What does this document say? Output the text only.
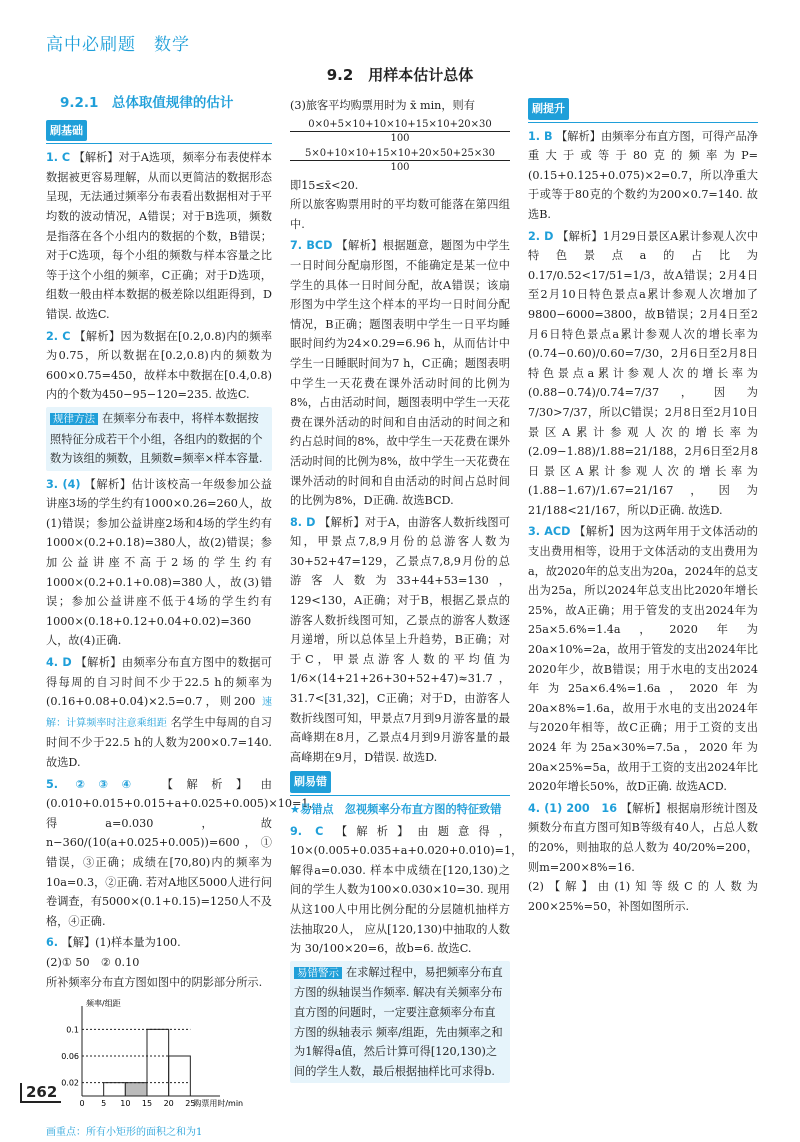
高中必刷题 数学
9.2　用样本估计总体
9.2.1　总体取值规律的估计
刷基础
1. C 【解析】对于A选项，频率分布表使样本数据被更容易理解，从而以更简洁的数据形态呈现，无法通过频率分布表看出数据相对于平均数的波动情况，A错误；对于B选项，频数是指落在各个小组内的数据的个数，B错误；对于C选项，每个小组的频数与样本容量之比等于这个小组的频率，C正确；对于D选项，组数一般由样本数据的极差除以组距得到，D错误. 故选C.
2. C 【解析】因为数据在[0.2,0.8)内的频率为0.75，所以数据在[0.2,0.8)内的频数为600×0.75=450，故样本中数据在[0.4,0.8)内的个数为450−95−120=235. 故选C.
规律方法 在频率分布表中，将样本数据按照特征分成若干个小组，各组内的数据的个数为该组的频数，且频数=频率×样本容量.
3. (4) 【解析】估计该校高一年级参加公益讲座3场的学生约有1000×0.26=260人，故(1)错误；参加公益讲座2场和4场的学生约有1000×(0.2+0.18)=380人，故(2)错误；参加公益讲座不高于2场的学生约有1000×(0.2+0.1+0.08)=380人，故(3)错误；参加公益讲座不低于4场的学生约有1000×(0.18+0.12+0.04+0.02)=360人，故(4)正确.
4. D 【解析】由频率分布直方图中的数据可得每周的自习时间不少于22.5 h的频率为(0.16+0.08+0.04)×2.5=0.7，则200 速解：计算频率时注意乘组距 名学生中每周的自习时间不少于22.5 h的人数为200×0.7=140. 故选D.
5. ②③④ 【解析】由(0.010+0.015+0.015+a+0.025+0.005)×10=1，得a=0.030，故n−360/(10(a+0.025+0.005))=600，①错误，③正确；成绩在[70,80)内的频率为10a=0.3，②正确. 若对A地区5000人进行问卷调查，有5000×(0.1+0.15)=1250人不及格，④正确.
6. 【解】(1)样本量为100.
(2)① 50　② 0.10
所补频率分布直方图如图中的阴影部分所示.
0.02
0.06
0.1
0 5 10 15 20 25
频率/组距
购票用时/min
画重点：所有小矩形的面积之和为1
(3)旅客平均购票用时为 x̄ min，则有
0×0+5×10+10×10+15×10+20×30
100
5×0+10×10+15×10+20×50+25×30
100
即15≤x̄<20.
所以旅客购票用时的平均数可能落在第四组中.
7. BCD 【解析】根据题意，题图为中学生一日时间分配扇形图，不能确定是某一位中学生的具体一日时间分配，故A错误；该扇形图为中学生这个样本的平均一日时间分配情况，B正确；题图表明中学生一日平均睡眠时间约为24×0.29=6.96 h，从而估计中学生一日睡眠时间为7 h，C正确；题图表明中学生一天花费在课外活动时间的比例为8%，占由活动时间，题图表明中学生一天花费在课外活动的时间和自由活动的时间之和约占总时间的8%，故中学生一天花费在课外活动时间的比例为8%，故中学生一天花费在课外活动的时间和自由活动的时间占总时间的比例为8%，D正确. 故选BCD.
8. D 【解析】对于A，由游客人数折线图可知，甲景点7,8,9月份的总游客人数为30+52+47=129，乙景点7,8,9月份的总游客人数为33+44+53=130，129<130，A正确；对于B，根据乙景点的游客人数折线图可知，乙景点的游客人数逐月递增，所以总体呈上升趋势，B正确；对于C，甲景点游客人数的平均值为1/6×(14+21+26+30+52+47)≈31.7，31.7<[31,32]，C正确；对于D，由游客人数折线图可知，甲景点7月到9月游客量的最高峰期在8月，乙景点4月到9月游客量的最高峰期在9月，D错误. 故选D.
刷易错
★易错点　忽视频率分布直方图的特征致错
9. C 【解析】由题意得，10×(0.005+0.035+a+0.020+0.010)=1，解得a=0.030. 样本中成绩在[120,130)之间的学生人数为100×0.030×10=30. 现用从这100人中用比例分配的分层随机抽样方法抽取20人， 应从[120,130)中抽取的人数为 30/100×20=6，故b=6. 故选C.
易错警示 在求解过程中，易把频率分布直方图的纵轴误当作频率. 解决有关频率分布直方图的问题时，一定要注意频率分布直方图的纵轴表示 频率/组距，先由频率之和为1解得a值，然后计算可得[120,130)之间的学生人数，最后根据抽样比可求得b.
刷提升
1. B 【解析】由频率分布直方图，可得产品净重大于或等于80克的频率为P=(0.15+0.125+0.075)×2=0.7，所以净重大于或等于80克的个数约为200×0.7=140. 故选B.
2. D 【解析】1月29日景区A累计参观人次中特色景点a的占比为 0.17/0.52<17/51=1/3，故A错误；2月4日至2月10日特色景点a累计参观人次增加了9800−6000=3800，故B错误；2月4日至2月6日特色景点a累计参观人次的增长率为 (0.74−0.60)/0.60=7/30，2月6日至2月8日特色景点a累计参观人次的增长率为 (0.88−0.74)/0.74=7/37，因为7/30>7/37，所以C错误；2月8日至2月10日景区A累计参观人次的增长率为 (2.09−1.88)/1.88=21/188，2月6日至2月8日景区A累计参观人次的增长率为 (1.88−1.67)/1.67=21/167，因为21/188<21/167，所以D正确. 故选D.
3. ACD 【解析】因为这两年用于文体活动的支出费用相等，设用于文体活动的支出费用为a，故2020年的总支出为20a，2024年的总支出为25a，所以2024年总支出比2020年增长25%，故A正确；用于管发的支出2024年为25a×5.6%=1.4a，2020年为20a×10%=2a，故用于管发的支出2024年比2020年少，故B错误；用于水电的支出2024年为25a×6.4%=1.6a，2020年为20a×8%=1.6a，故用于水电的支出2024年与2020年相等，故C正确；用于工资的支出2024年为25a×30%=7.5a，2020年为20a×25%=5a，故用于工资的支出2024年比2020年增长50%，故D正确. 故选ACD.
4. (1) 200　16 【解析】根据扇形统计图及频数分布直方图可知B等级有40人，占总人数的20%，则抽取的总人数为 40/20%=200，则m=200×8%=16.
(2)【解】由(1)知等级C的人数为200×25%=50，补图如图所示.
262
